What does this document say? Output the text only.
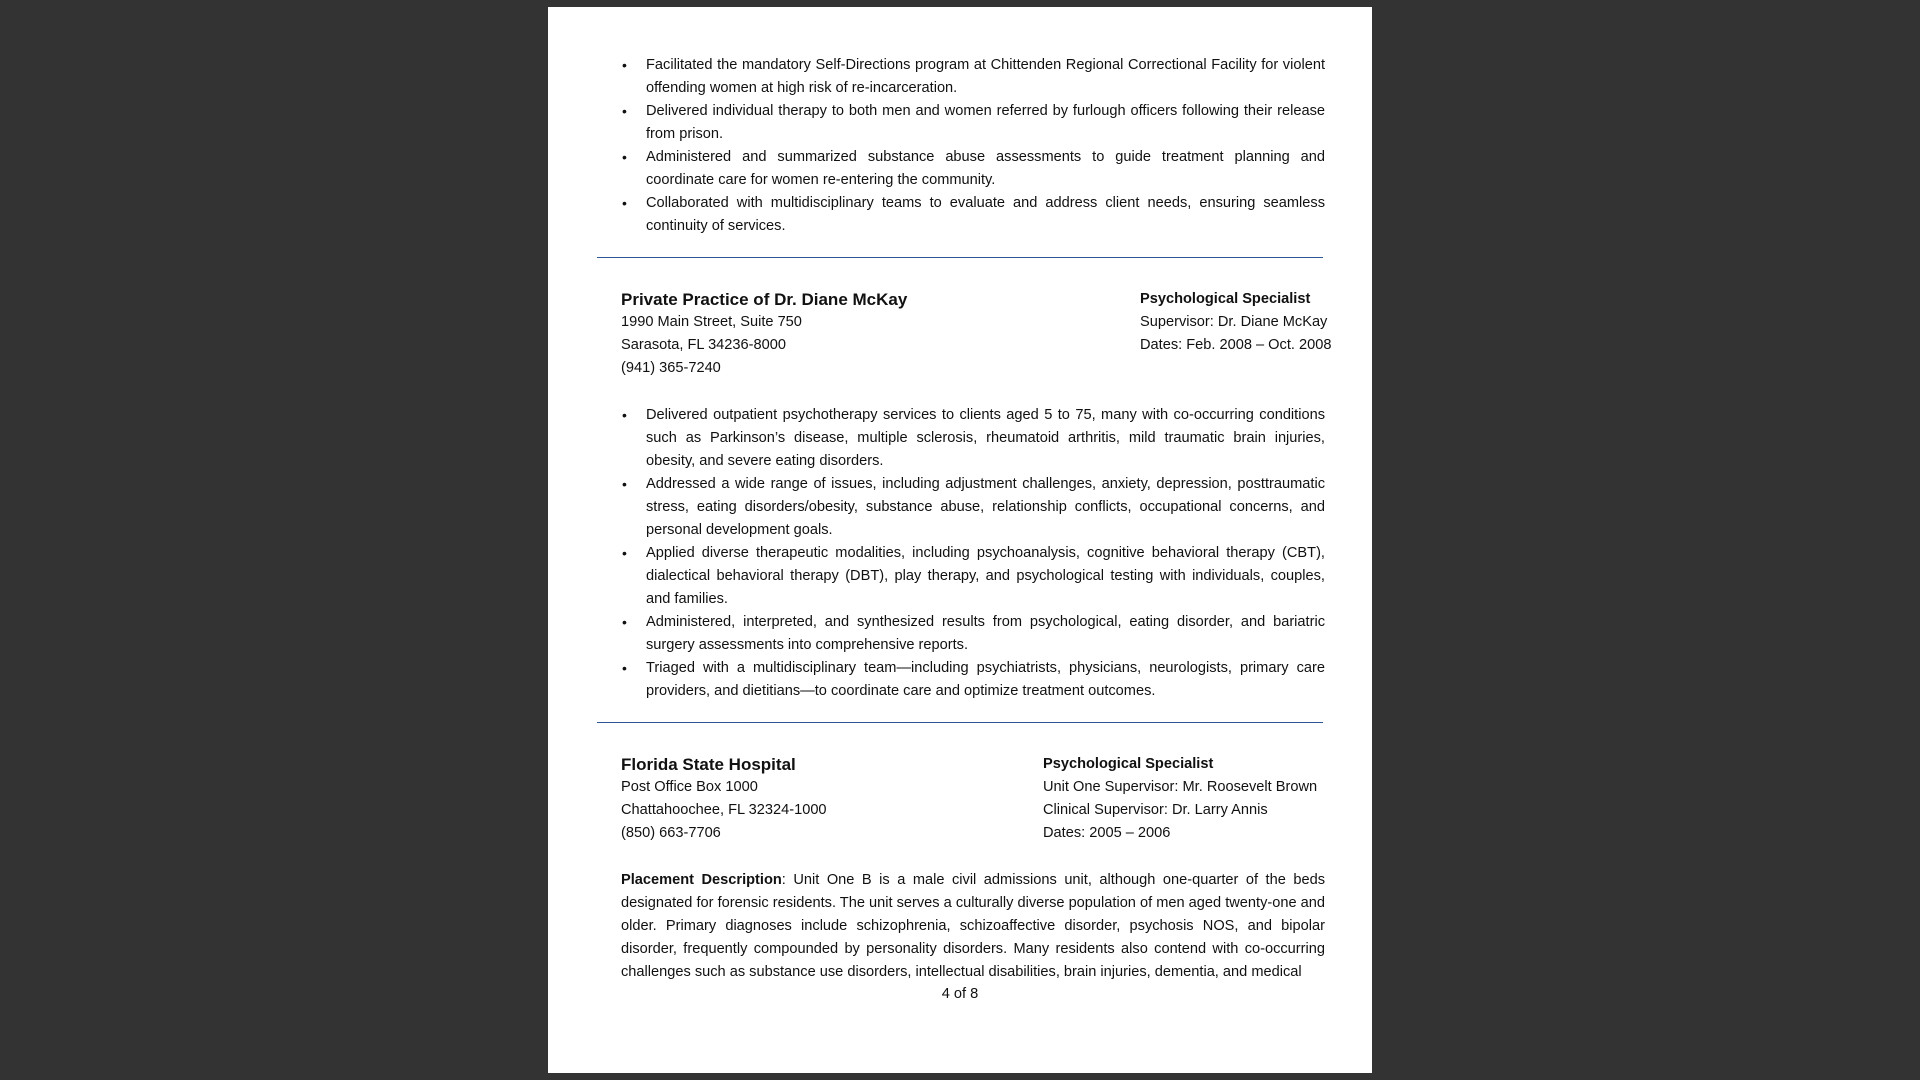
• Facilitated the mandatory Self-Directions program at Chittenden Regional Correctional Facility for violent offending women at high risk of re-incarceration.
• Delivered individual therapy to both men and women referred by furlough officers following their release from prison.
• Administered and summarized substance abuse assessments to guide treatment planning and coordinate care for women re-entering the community.
• Collaborated with multidisciplinary teams to evaluate and address client needs, ensuring seamless continuity of services.
Private Practice of Dr. Diane McKay
1990 Main Street, Suite 750
Sarasota, FL 34236-8000
(941) 365-7240
Psychological Specialist
Supervisor: Dr. Diane McKay
Dates: Feb. 2008 – Oct. 2008
• Delivered outpatient psychotherapy services to clients aged 5 to 75, many with co-occurring conditions such as Parkinson’s disease, multiple sclerosis, rheumatoid arthritis, mild traumatic brain injuries, obesity, and severe eating disorders.
• Addressed a wide range of issues, including adjustment challenges, anxiety, depression, posttraumatic stress, eating disorders/obesity, substance abuse, relationship conflicts, occupational concerns, and personal development goals.
• Applied diverse therapeutic modalities, including psychoanalysis, cognitive behavioral therapy (CBT), dialectical behavioral therapy (DBT), play therapy, and psychological testing with individuals, couples, and families.
• Administered, interpreted, and synthesized results from psychological, eating disorder, and bariatric surgery assessments into comprehensive reports.
• Triaged with a multidisciplinary team—including psychiatrists, physicians, neurologists, primary care providers, and dietitians—to coordinate care and optimize treatment outcomes.
Florida State Hospital
Post Office Box 1000
Chattahoochee, FL 32324-1000
(850) 663-7706
Psychological Specialist
Unit One Supervisor: Mr. Roosevelt Brown
Clinical Supervisor: Dr. Larry Annis
Dates: 2005 – 2006
Placement Description: Unit One B is a male civil admissions unit, although one-quarter of the beds designated for forensic residents. The unit serves a culturally diverse population of men aged twenty-one and older. Primary diagnoses include schizophrenia, schizoaffective disorder, psychosis NOS, and bipolar disorder, frequently compounded by personality disorders. Many residents also contend with co-occurring challenges such as substance use disorders, intellectual disabilities, brain injuries, dementia, and medical
4 of 8
